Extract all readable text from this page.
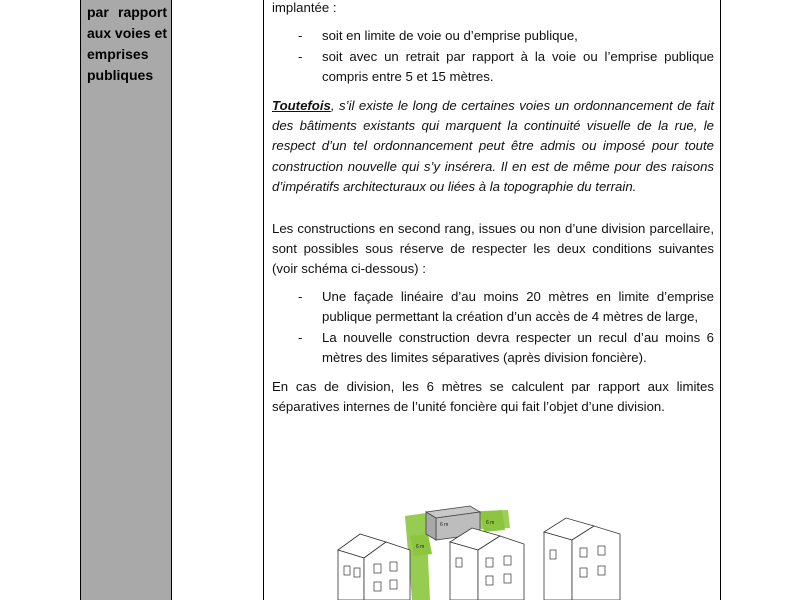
par rapport
aux voies et
emprises
publiques

implantée :

- soit en limite de voie ou d’emprise publique,
- soit avec un retrait par rapport à la voie ou l’emprise publique compris entre 5 et 15 mètres.

Toutefois, s’il existe le long de certaines voies un ordonnancement de fait des bâtiments existants qui marquent la continuité visuelle de la rue, le respect d’un tel ordonnancement peut être admis ou imposé pour toute construction nouvelle qui s’y insérera. Il en est de même pour des raisons d’impératifs architecturaux ou liées à la topographie du terrain.

Les constructions en second rang, issues ou non d’une division parcellaire, sont possibles sous réserve de respecter les deux conditions suivantes (voir schéma ci-dessous) :

- Une façade linéaire d’au moins 20 mètres en limite d’emprise publique permettant la création d’un accès de 4 mètres de large,
- La nouvelle construction devra respecter un recul d’au moins 6 mètres des limites séparatives (après division foncière).

En cas de division, les 6 mètres se calculent par rapport aux limites séparatives internes de l’unité foncière qui fait l’objet d’une division.

6 m
6 m
6 m
